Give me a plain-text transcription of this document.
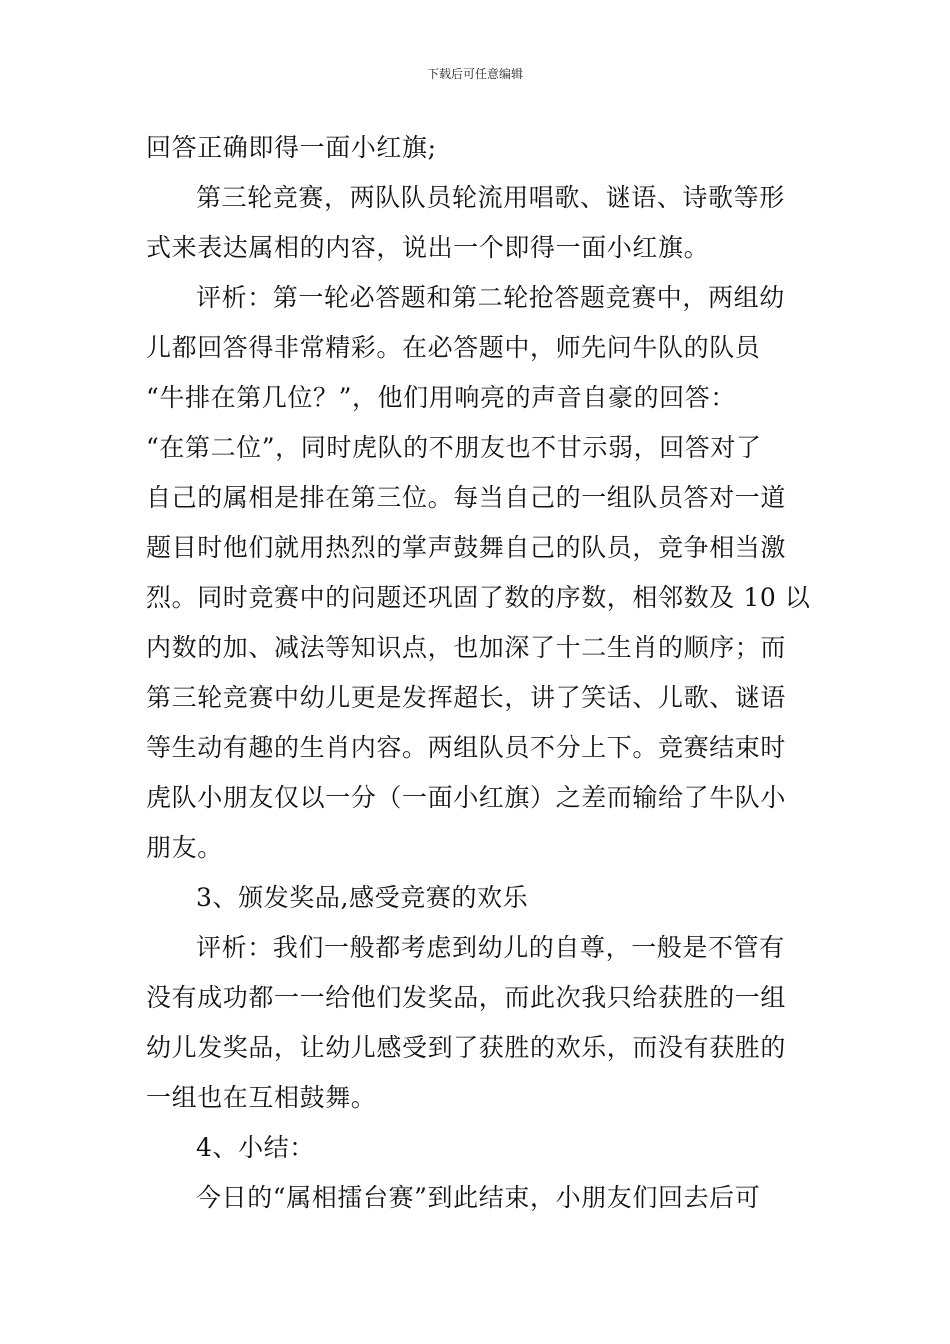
下载后可任意编辑
回答正确即得一面小红旗;
第三轮竞赛，两队队员轮流用唱歌、谜语、诗歌等形
式来表达属相的内容，说出一个即得一面小红旗。
评析：第一轮必答题和第二轮抢答题竞赛中，两组幼
儿都回答得非常精彩。在必答题中，师先问牛队的队员
“牛排在第几位？”，他们用响亮的声音自豪的回答：
“在第二位”，同时虎队的不朋友也不甘示弱，回答对了
自己的属相是排在第三位。每当自己的一组队员答对一道
题目时他们就用热烈的掌声鼓舞自己的队员，竞争相当激
烈。同时竞赛中的问题还巩固了数的序数，相邻数及 10 以
内数的加、减法等知识点，也加深了十二生肖的顺序；而
第三轮竞赛中幼儿更是发挥超长，讲了笑话、儿歌、谜语
等生动有趣的生肖内容。两组队员不分上下。竞赛结束时
虎队小朋友仅以一分（一面小红旗）之差而输给了牛队小
朋友。
3、颁发奖品,感受竞赛的欢乐
评析：我们一般都考虑到幼儿的自尊，一般是不管有
没有成功都一一给他们发奖品，而此次我只给获胜的一组
幼儿发奖品，让幼儿感受到了获胜的欢乐，而没有获胜的
一组也在互相鼓舞。
4、小结：
今日的“属相擂台赛”到此结束，小朋友们回去后可
